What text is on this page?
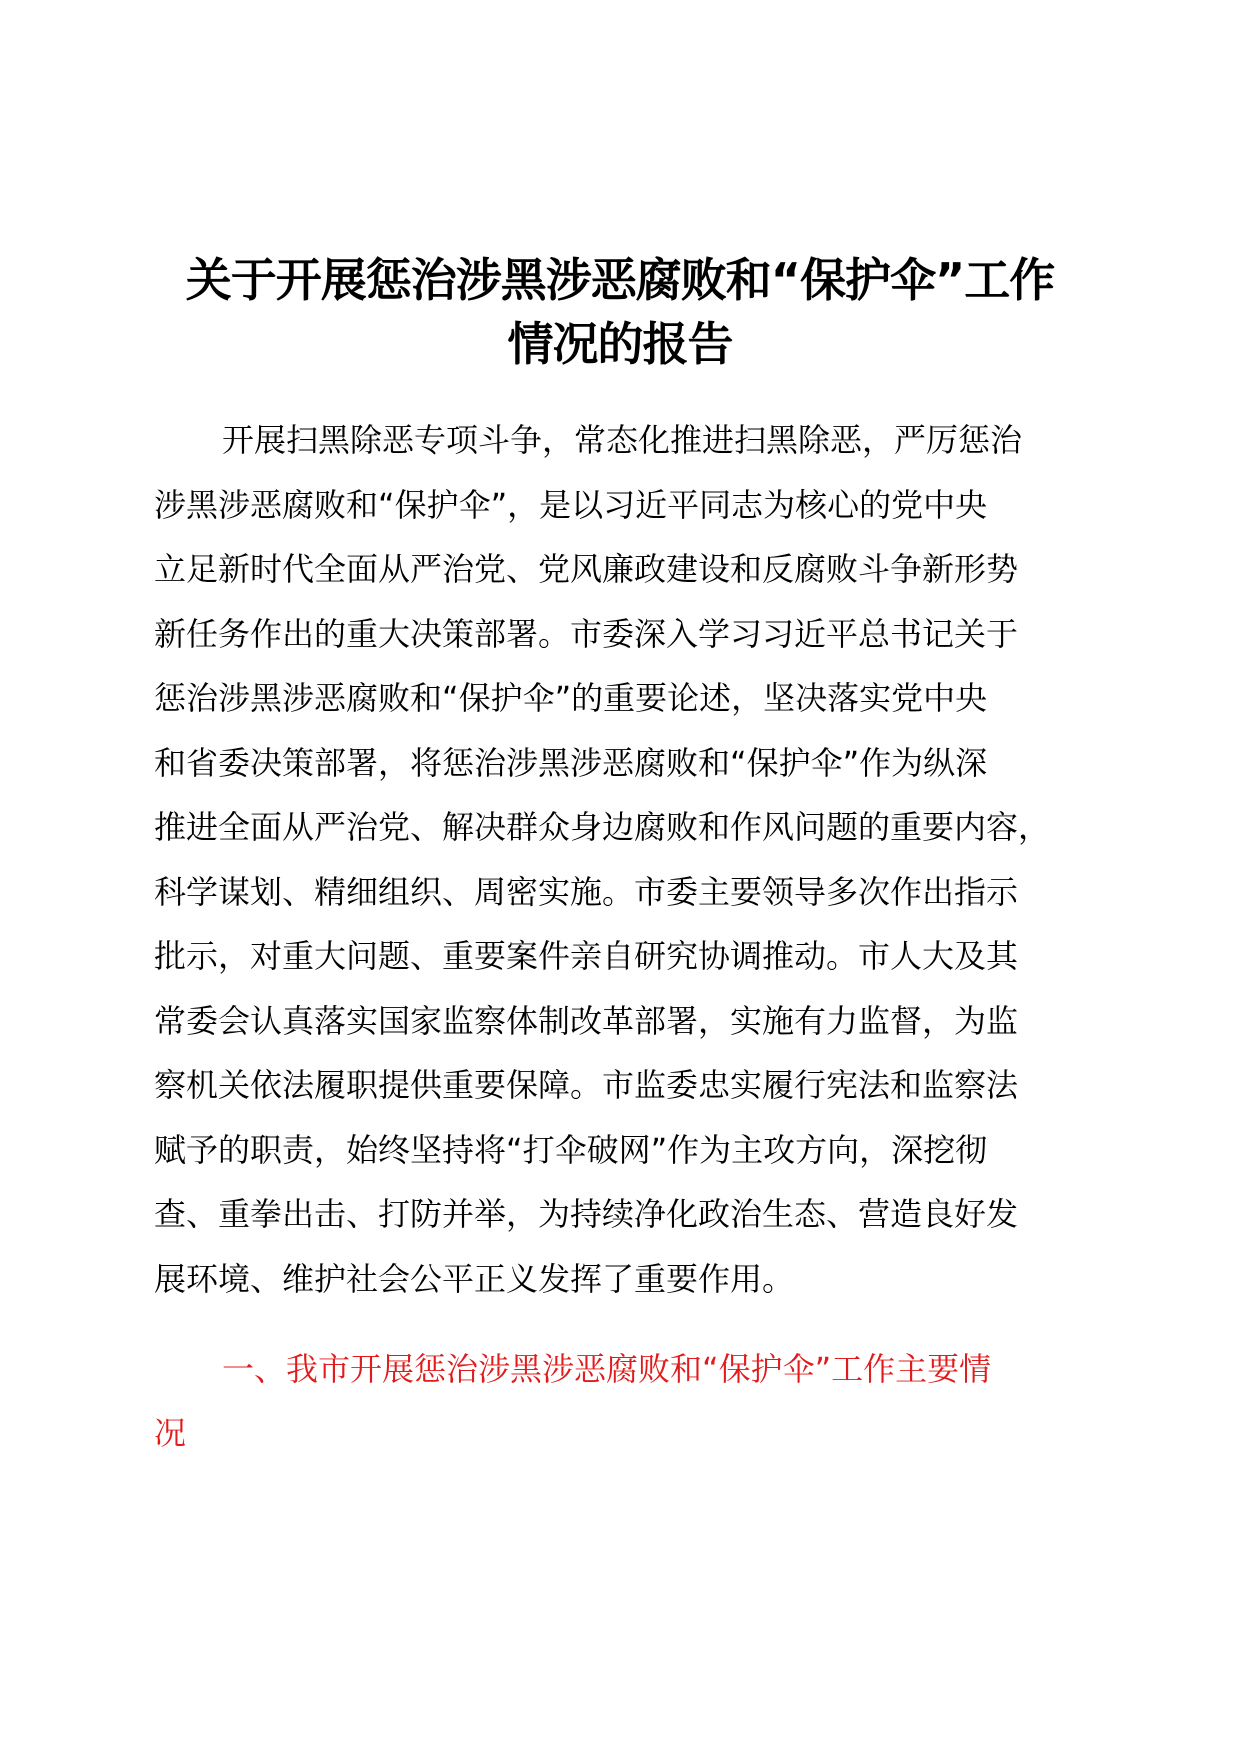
关于开展惩治涉黑涉恶腐败和“保护伞”工作
情况的报告
开展扫黑除恶专项斗争，常态化推进扫黑除恶，严厉惩治
涉黑涉恶腐败和“保护伞”，是以习近平同志为核心的党中央
立足新时代全面从严治党、党风廉政建设和反腐败斗争新形势
新任务作出的重大决策部署。市委深入学习习近平总书记关于
惩治涉黑涉恶腐败和“保护伞”的重要论述，坚决落实党中央
和省委决策部署，将惩治涉黑涉恶腐败和“保护伞”作为纵深
推进全面从严治党、解决群众身边腐败和作风问题的重要内容，
科学谋划、精细组织、周密实施。市委主要领导多次作出指示
批示，对重大问题、重要案件亲自研究协调推动。市人大及其
常委会认真落实国家监察体制改革部署，实施有力监督，为监
察机关依法履职提供重要保障。市监委忠实履行宪法和监察法
赋予的职责，始终坚持将“打伞破网”作为主攻方向，深挖彻
查、重拳出击、打防并举，为持续净化政治生态、营造良好发
展环境、维护社会公平正义发挥了重要作用。
一、我市开展惩治涉黑涉恶腐败和“保护伞”工作主要情
况
